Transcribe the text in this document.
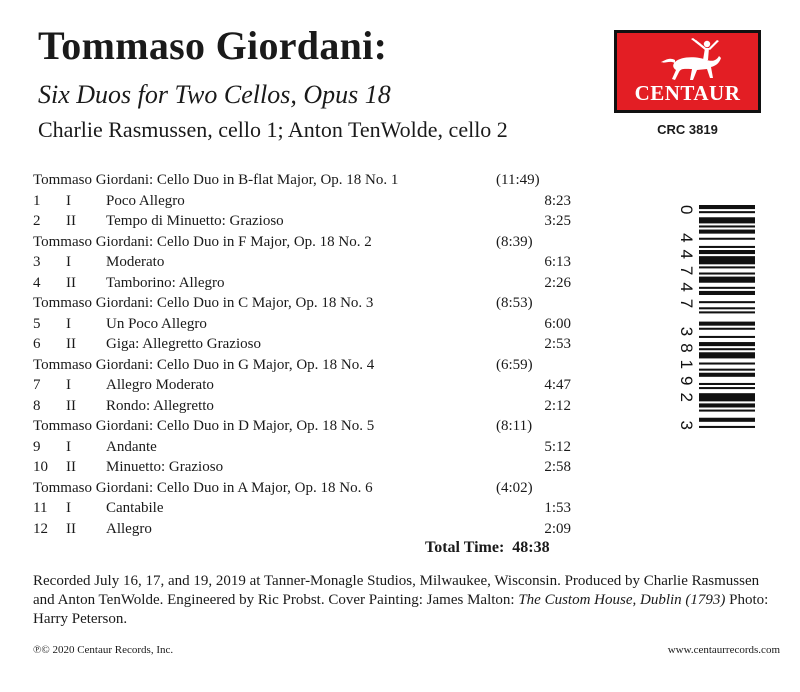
Tommaso Giordani:
Six Duos for Two Cellos, Opus 18
Charlie Rasmussen, cello 1; Anton TenWolde, cello 2
CENTAUR
CRC 3819
Tommaso Giordani: Cello Duo in B-flat Major, Op. 18 No. 1	(11:49)
1 I Poco Allegro	8:23
2 II Tempo di Minuetto: Grazioso	3:25
Tommaso Giordani: Cello Duo in F Major, Op. 18 No. 2	(8:39)
3 I Moderato	6:13
4 II Tamborino: Allegro	2:26
Tommaso Giordani: Cello Duo in C Major, Op. 18 No. 3	(8:53)
5 I Un Poco Allegro	6:00
6 II Giga: Allegretto Grazioso	2:53
Tommaso Giordani: Cello Duo in G Major, Op. 18 No. 4	(6:59)
7 I Allegro Moderato	4:47
8 II Rondo: Allegretto	2:12
Tommaso Giordani: Cello Duo in D Major, Op. 18 No. 5	(8:11)
9 I Andante	5:12
10 II Minuetto: Grazioso	2:58
Tommaso Giordani: Cello Duo in A Major, Op. 18 No. 6	(4:02)
11 I Cantabile	1:53
12 II Allegro	2:09
Total Time: 48:38
0 44747 38192 3
Recorded July 16, 17, and 19, 2019 at Tanner-Monagle Studios, Milwaukee, Wisconsin. Produced by Charlie Rasmussen and Anton TenWolde. Engineered by Ric Probst. Cover Painting: James Malton: The Custom House, Dublin (1793) Photo: Harry Peterson.
℗© 2020 Centaur Records, Inc.	www.centaurrecords.com
